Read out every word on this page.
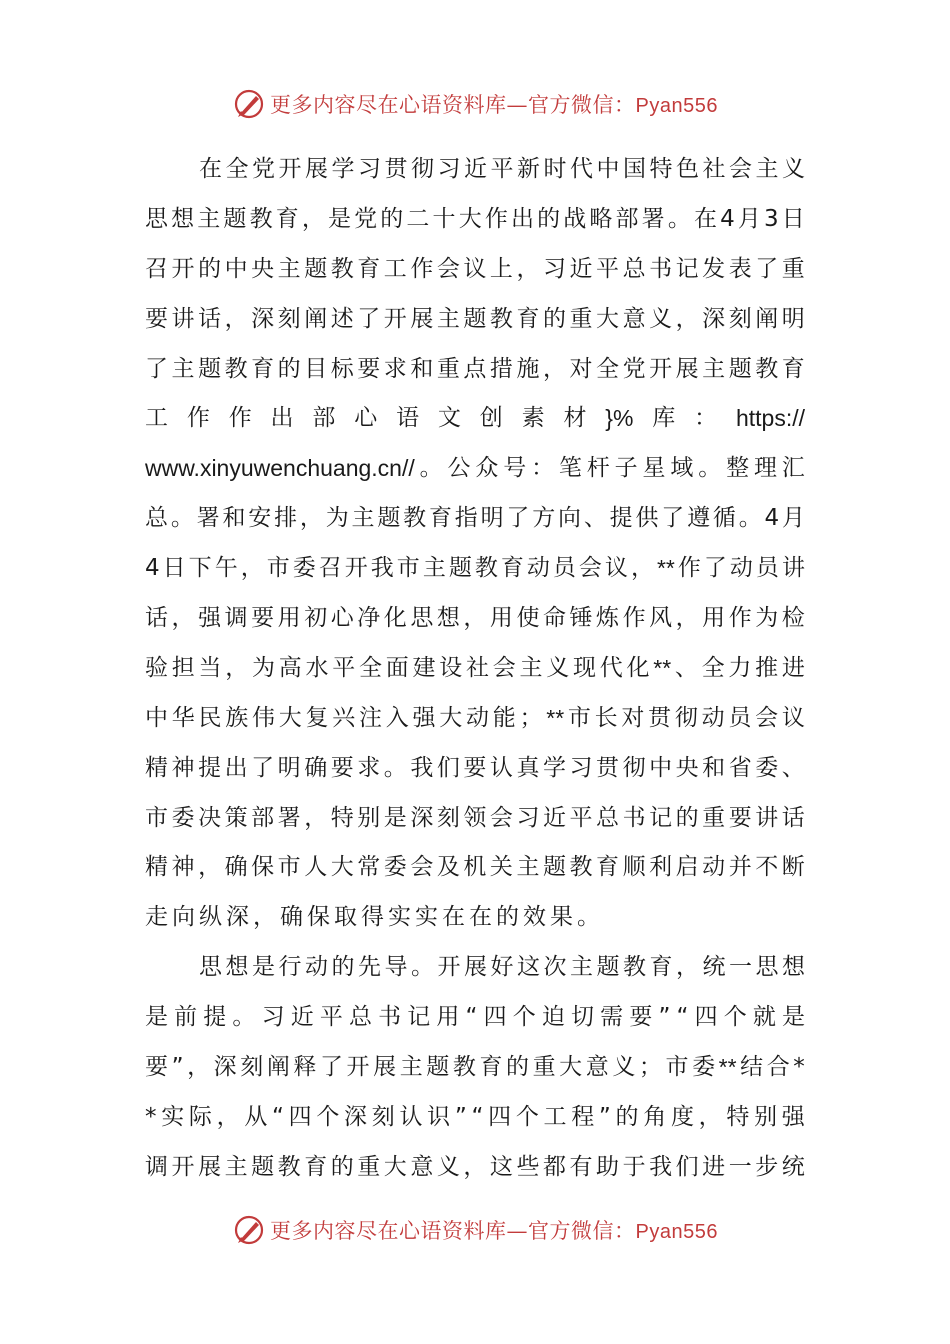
更多内容尽在心语资料库—官方微信：Pyan556
在 全 党 开 展 学 习 贯 彻 习 近 平 新 时 代 中 国 特 色 社 会 主 义
思 想 主 题 教 育 ， 是 党 的 二 十 大 作 出 的 战 略 部 署 。 在 4 月 3 日
召 开 的 中 央 主 题 教 育 工 作 会 议 上 ， 习 近 平 总 书 记 发 表 了 重
要 讲 话 ， 深 刻 阐 述 了 开 展 主 题 教 育 的 重 大 意 义 ， 深 刻 阐 明
了 主 题 教 育 的 目 标 要 求 和 重 点 措 施 ， 对 全 党 开 展 主 题 教 育
工 作 作 出 部 心 语 文 创 素 材 }% 库 ： https://
www.xinyuwenchuang.cn// 。 公 众 号 ： 笔 杆 子 星 域 。 整 理 汇
总 。 署 和 安 排 ， 为 主 题 教 育 指 明 了 方 向 、 提 供 了 遵 循 。 4 月
4 日 下 午 ， 市 委 召 开 我 市 主 题 教 育 动 员 会 议 ， ** 作 了 动 员 讲
话 ， 强 调 要 用 初 心 净 化 思 想 ， 用 使 命 锤 炼 作 风 ， 用 作 为 检
验 担 当 ， 为 高 水 平 全 面 建 设 社 会 主 义 现 代 化 ** 、 全 力 推 进
中 华 民 族 伟 大 复 兴 注 入 强 大 动 能 ； ** 市 长 对 贯 彻 动 员 会 议
精 神 提 出 了 明 确 要 求 。 我 们 要 认 真 学 习 贯 彻 中 央 和 省 委 、
市 委 决 策 部 署 ， 特 别 是 深 刻 领 会 习 近 平 总 书 记 的 重 要 讲 话
精 神 ， 确 保 市 人 大 常 委 会 及 机 关 主 题 教 育 顺 利 启 动 并 不 断
走 向 纵 深 ， 确 保 取 得 实 实 在 在 的 效 果 。
思 想 是 行 动 的 先 导 。 开 展 好 这 次 主 题 教 育 ， 统 一 思 想
是 前 提 。 习 近 平 总 书 记 用 “ 四 个 迫 切 需 要 ” “ 四 个 就 是
要 ” ， 深 刻 阐 释 了 开 展 主 题 教 育 的 重 大 意 义 ； 市 委 ** 结 合 *
* 实 际 ， 从 “ 四 个 深 刻 认 识 ” “ 四 个 工 程 ” 的 角 度 ， 特 别 强
调 开 展 主 题 教 育 的 重 大 意 义 ， 这 些 都 有 助 于 我 们 进 一 步 统
更多内容尽在心语资料库—官方微信：Pyan556
